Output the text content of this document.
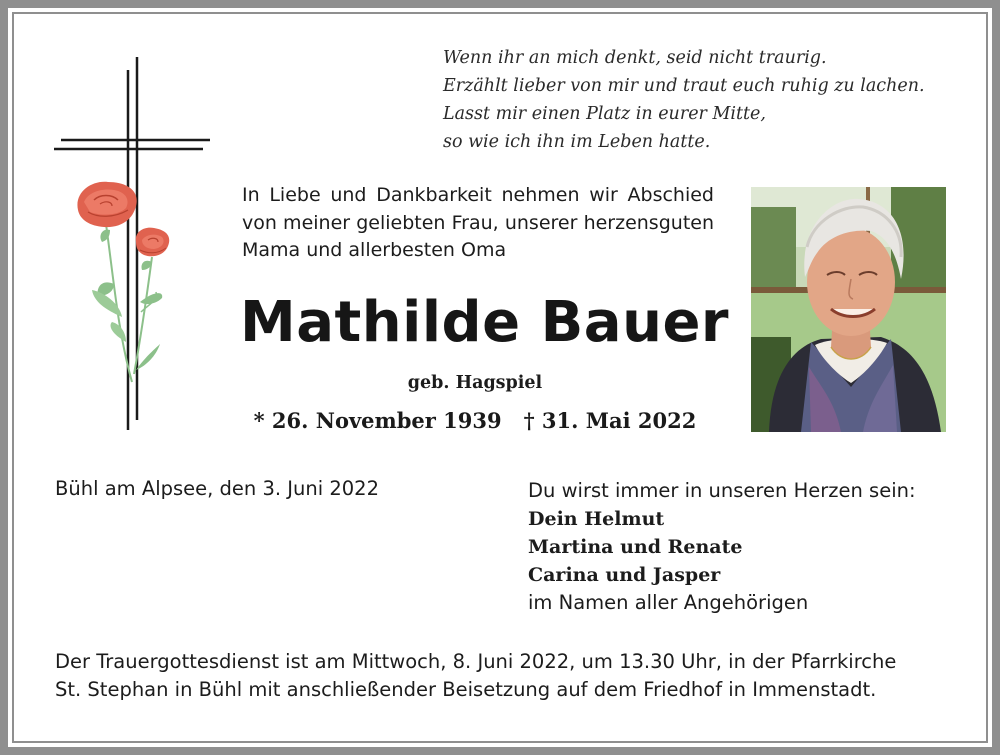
Wenn ihr an mich denkt, seid nicht traurig.
Erzählt lieber von mir und traut euch ruhig zu lachen.
Lasst mir einen Platz in eurer Mitte,
so wie ich ihn im Leben hatte.
In Liebe und Dankbarkeit nehmen wir Abschied von meiner geliebten Frau, unserer herzensguten Mama und allerbesten Oma
Mathilde Bauer
geb. Hagspiel
* 26. November 1939 † 31. Mai 2022
Bühl am Alpsee, den 3. Juni 2022	Du wirst immer in unseren Herzen sein:
Dein Helmut
Martina und Renate
Carina und Jasper
im Namen aller Angehörigen
Der Trauergottesdienst ist am Mittwoch, 8. Juni 2022, um 13.30 Uhr, in der Pfarrkirche
St. Stephan in Bühl mit anschließender Beisetzung auf dem Friedhof in Immenstadt.
